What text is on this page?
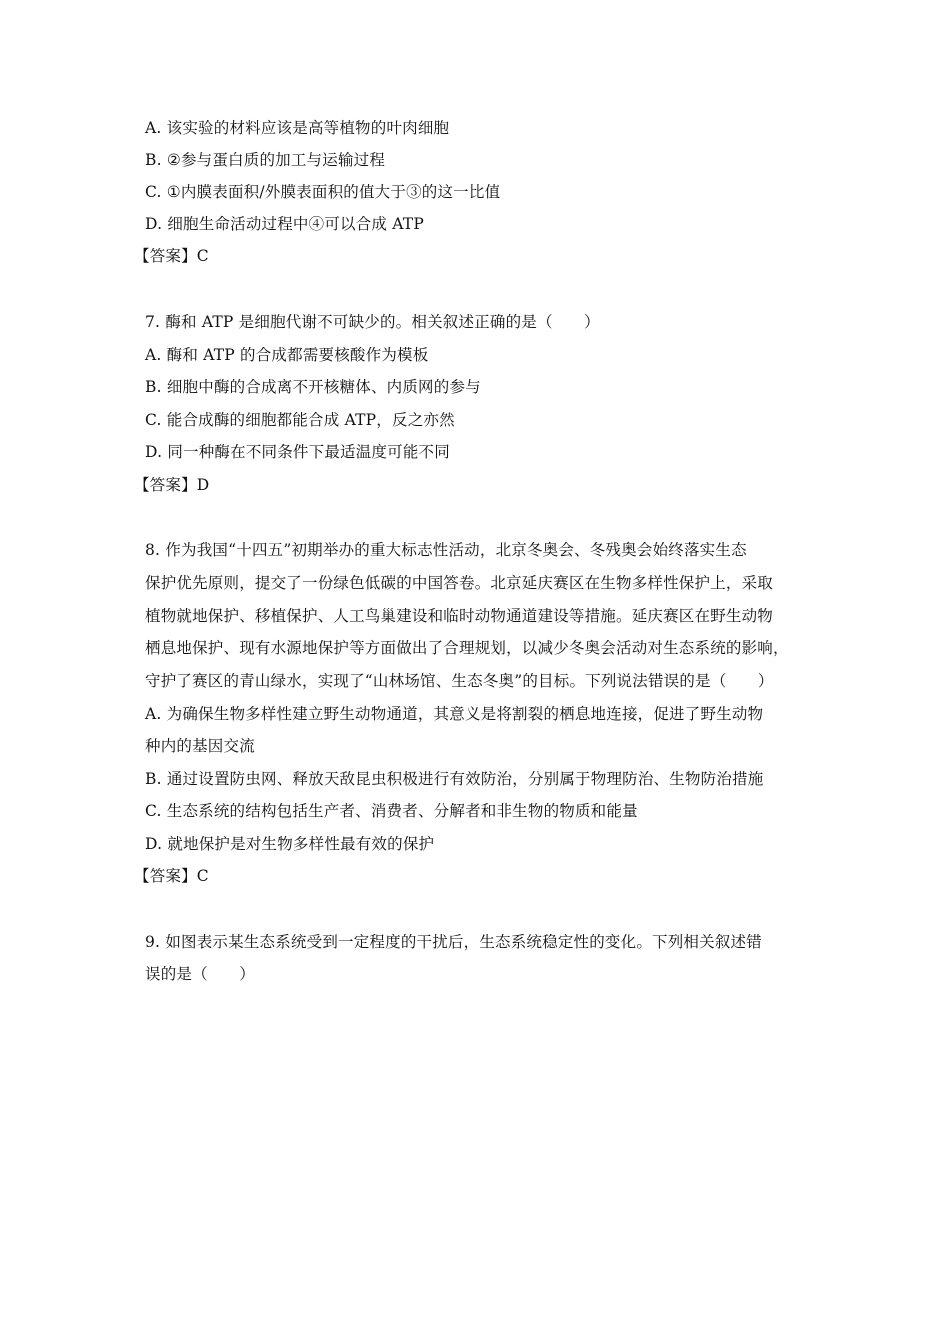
A. 该实验的材料应该是高等植物的叶肉细胞
B. ②参与蛋白质的加工与运输过程
C. ①内膜表面积/外膜表面积的值大于③的这一比值
D. 细胞生命活动过程中④可以合成 ATP
【答案】C
7. 酶和 ATP 是细胞代谢不可缺少的。相关叙述正确的是（　　）
A. 酶和 ATP 的合成都需要核酸作为模板
B. 细胞中酶的合成离不开核糖体、内质网的参与
C. 能合成酶的细胞都能合成 ATP，反之亦然
D. 同一种酶在不同条件下最适温度可能不同
【答案】D
8. 作为我国“十四五”初期举办的重大标志性活动，北京冬奥会、冬残奥会始终落实生态
保护优先原则，提交了一份绿色低碳的中国答卷。北京延庆赛区在生物多样性保护上，采取
植物就地保护、移植保护、人工鸟巢建设和临时动物通道建设等措施。延庆赛区在野生动物
栖息地保护、现有水源地保护等方面做出了合理规划，以减少冬奥会活动对生态系统的影响，
守护了赛区的青山绿水，实现了“山林场馆、生态冬奥”的目标。下列说法错误的是（　　）
A. 为确保生物多样性建立野生动物通道，其意义是将割裂的栖息地连接，促进了野生动物
种内的基因交流
B. 通过设置防虫网、释放天敌昆虫积极进行有效防治，分别属于物理防治、生物防治措施
C. 生态系统的结构包括生产者、消费者、分解者和非生物的物质和能量
D. 就地保护是对生物多样性最有效的保护
【答案】C
9. 如图表示某生态系统受到一定程度的干扰后，生态系统稳定性的变化。下列相关叙述错
误的是（　　）
